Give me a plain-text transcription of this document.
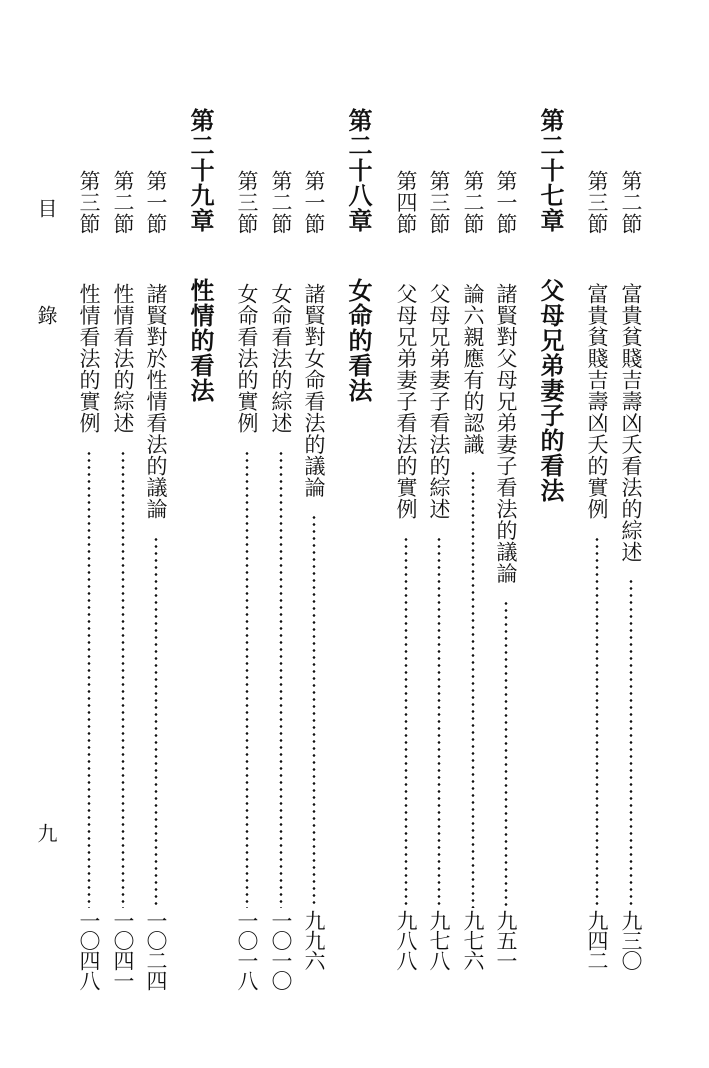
第二節
富貴貧賤吉壽凶夭看法的綜述
九三〇
第三節
富貴貧賤吉壽凶夭的實例
九四二
第二十七章
父母兄弟妻子的看法
第一節
諸賢對父母兄弟妻子看法的議論
九五一
第二節
論六親應有的認識
九七六
第三節
父母兄弟妻子看法的綜述
九七八
第四節
父母兄弟妻子看法的實例
九八八
第二十八章
女命的看法
第一節
諸賢對女命看法的議論
九九六
第二節
女命看法的綜述
一〇一〇
第三節
女命看法的實例
一〇一八
第二十九章
性情的看法
第一節
諸賢對於性情看法的議論
一〇二四
第二節
性情看法的綜述
一〇四一
第三節
性情看法的實例
一〇四八
目
錄
九
